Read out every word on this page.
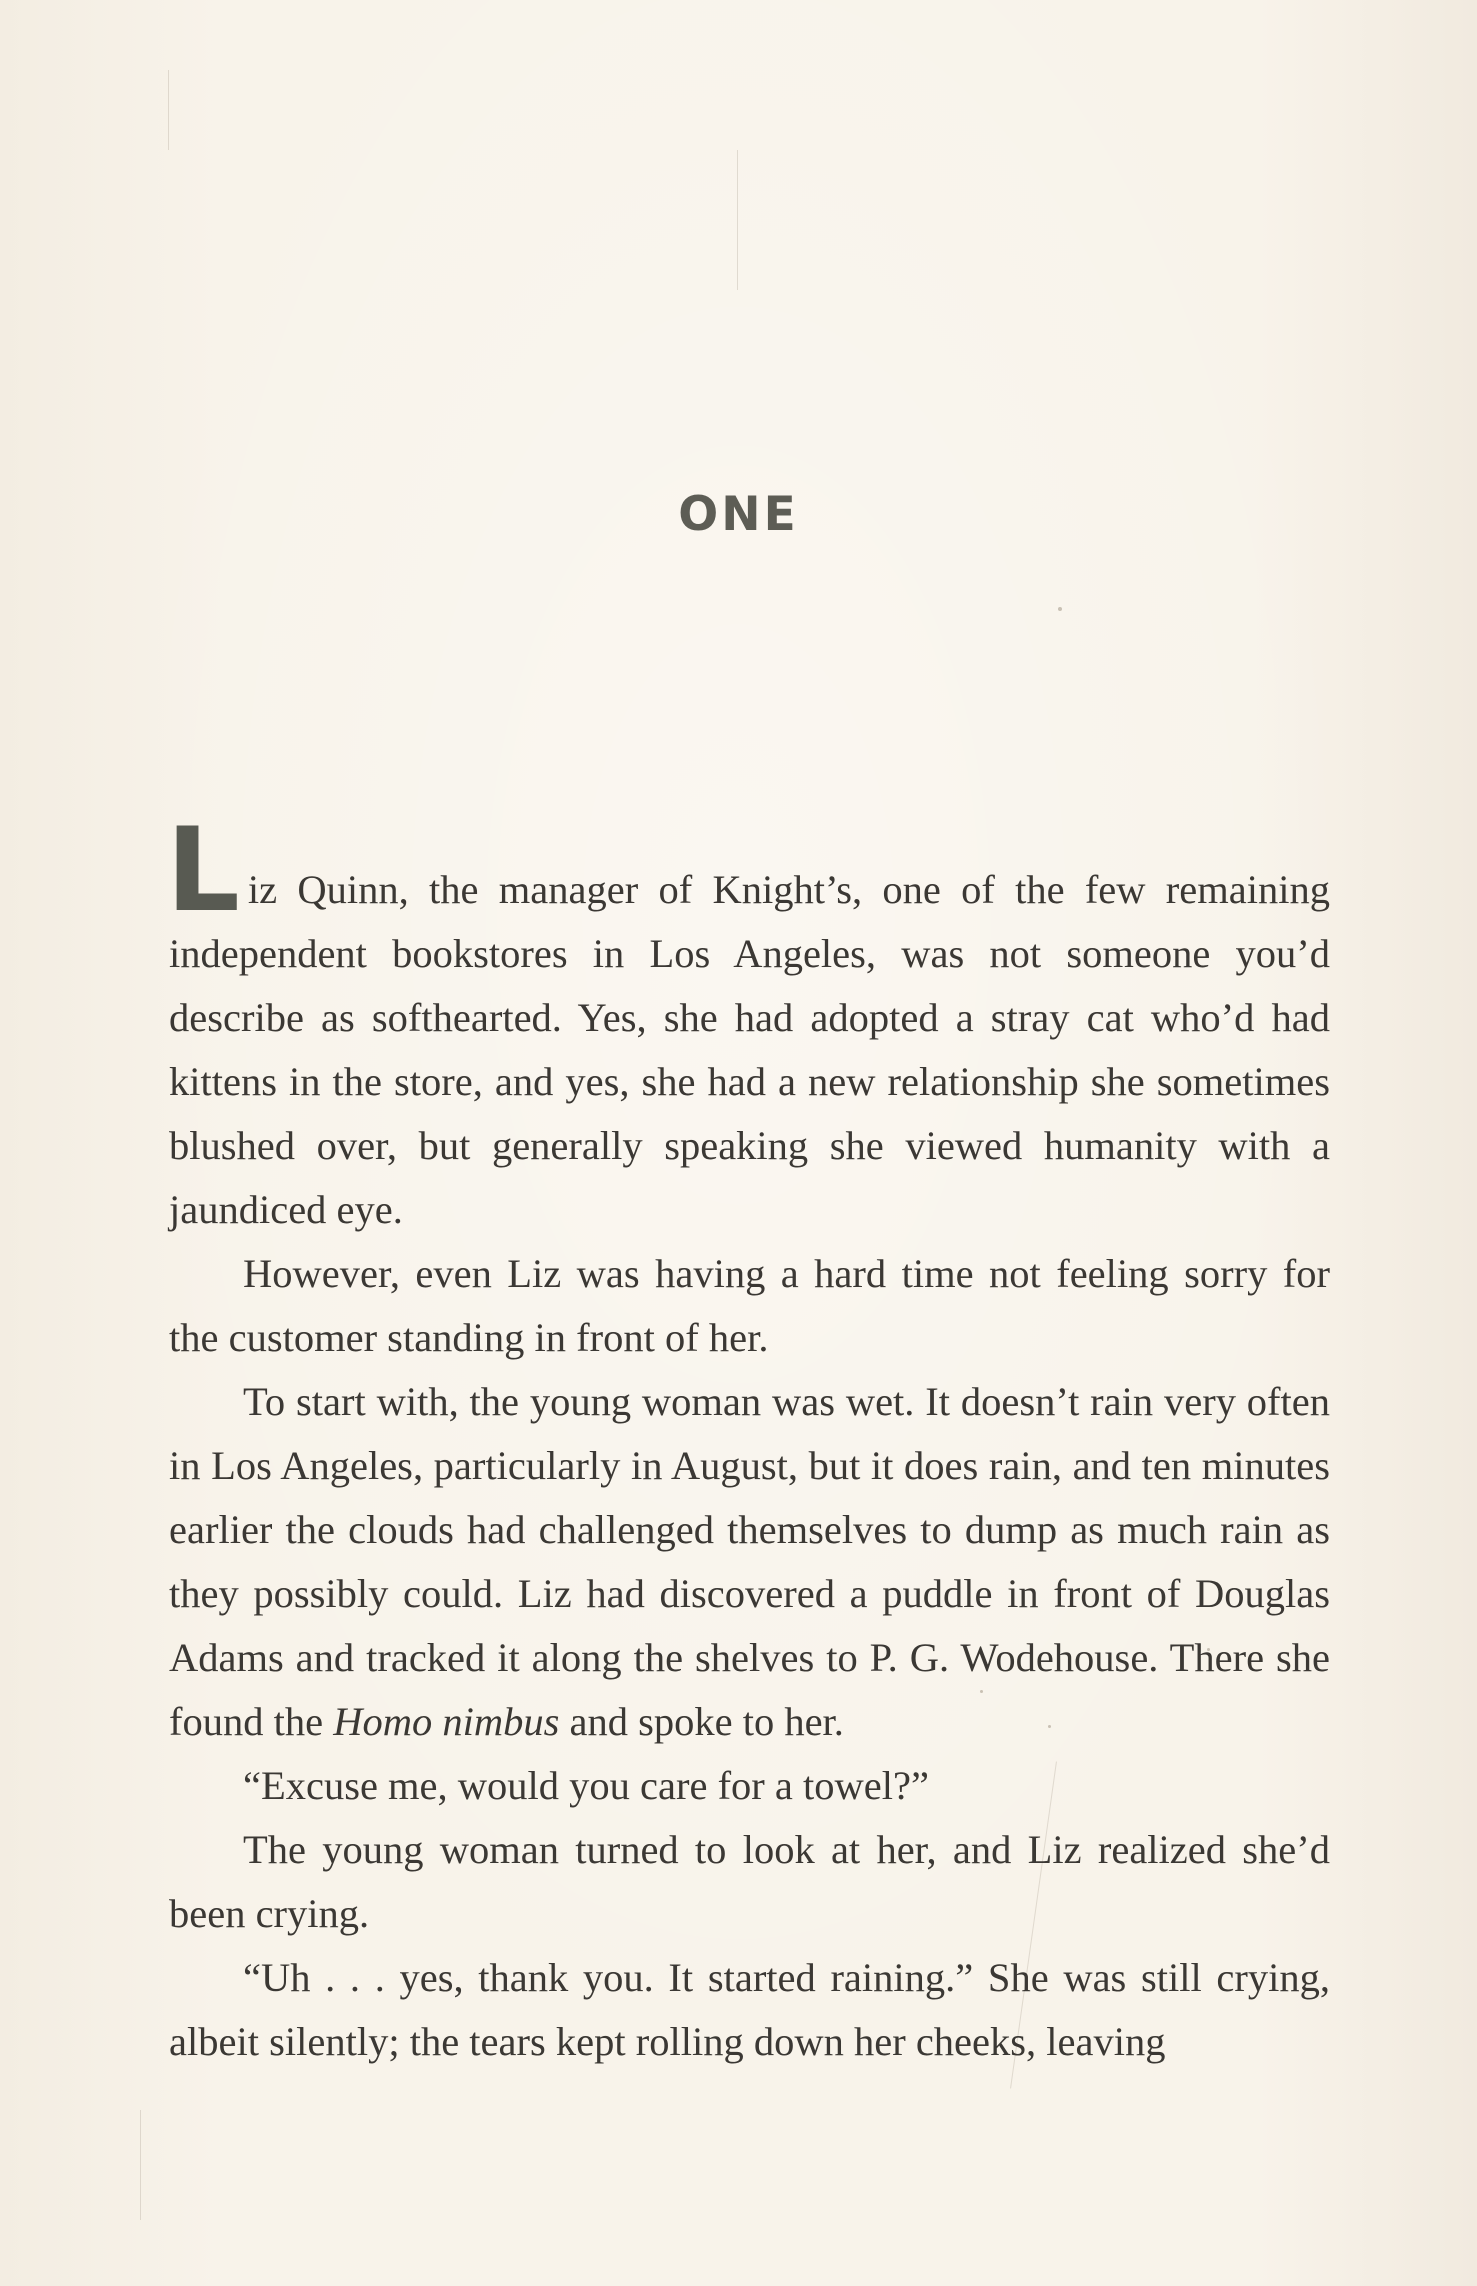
ONE

Liz Quinn, the manager of Knight’s, one of the few remaining independent bookstores in Los Angeles, was not someone you’d describe as softhearted. Yes, she had adopted a stray cat who’d had kittens in the store, and yes, she had a new relationship she sometimes blushed over, but generally speaking she viewed humanity with a jaundiced eye.

However, even Liz was having a hard time not feeling sorry for the customer standing in front of her.

To start with, the young woman was wet. It doesn’t rain very often in Los Angeles, particularly in August, but it does rain, and ten minutes earlier the clouds had challenged themselves to dump as much rain as they possibly could. Liz had discovered a puddle in front of Douglas Adams and tracked it along the shelves to P. G. Wodehouse. There she found the Homo nimbus and spoke to her.

“Excuse me, would you care for a towel?”

The young woman turned to look at her, and Liz realized she’d been crying.

“Uh . . . yes, thank you. It started raining.” She was still crying, albeit silently; the tears kept rolling down her cheeks, leaving
